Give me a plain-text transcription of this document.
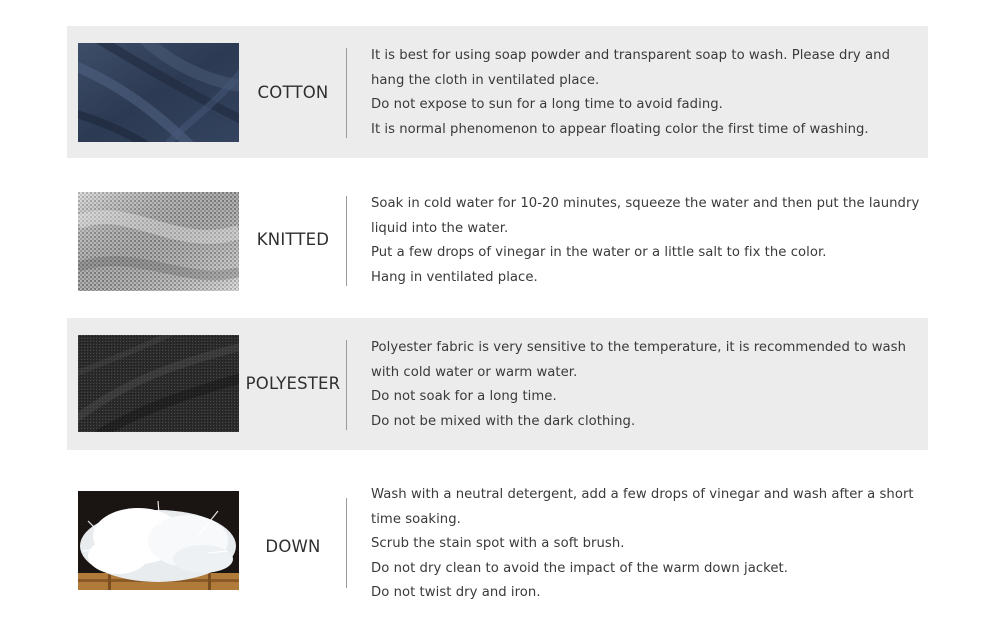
COTTON

It is best for using soap powder and transparent soap to wash. Please dry and hang the cloth in ventilated place.

Do not expose to sun for a long time to avoid fading.

It is normal phenomenon to appear floating color the first time of washing.

KNITTED

Soak in cold water for 10-20 minutes, squeeze the water and then put the laundry liquid into the water.

Put a few drops of vinegar in the water or a little salt to fix the color.

Hang in ventilated place.

POLYESTER

Polyester fabric is very sensitive to the temperature, it is recommended to wash with cold water or warm water.

Do not soak for a long time.

Do not be mixed with the dark clothing.

DOWN

Wash with a neutral detergent, add a few drops of vinegar and wash after a short time soaking.

Scrub the stain spot with a soft brush.

Do not dry clean to avoid the impact of the warm down jacket.

Do not twist dry and iron.
